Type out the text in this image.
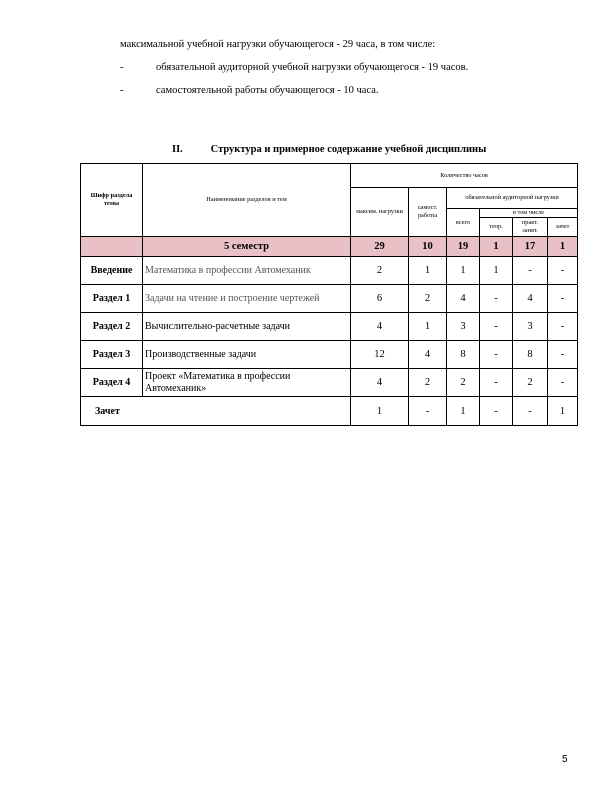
максимальной учебной нагрузки обучающегося - 29 часа, в том числе:

-	обязательной аудиторной учебной нагрузки обучающегося - 19 часов.
-	самостоятельной работы обучающегося - 10 часа.
II.	Структура и примерное содержание учебной дисциплины
Шифр раздела темы	Наименование разделов и тем	Количество часов					
		максим. нагрузки	самост. работы	обязательной аудиторной нагрузки			
				всего	в том числе		
					теор.	практ. занят.	зачет
	5 семестр	29	10	19	1	17	1
Введение	Математика в профессии Автомеханик	2	1	1	1	-	-
Раздел 1	Задачи на чтение и построение чертежей	6	2	4	-	4	-
Раздел 2	Вычислительно-расчетные задачи	4	1	3	-	3	-
Раздел 3	Производственные задачи	12	4	8	-	8	-
Раздел 4	Проект «Математика в профессии Автомеханик»	4	2	2	-	2	-
Зачет		1	-	1	-	-	1
5
